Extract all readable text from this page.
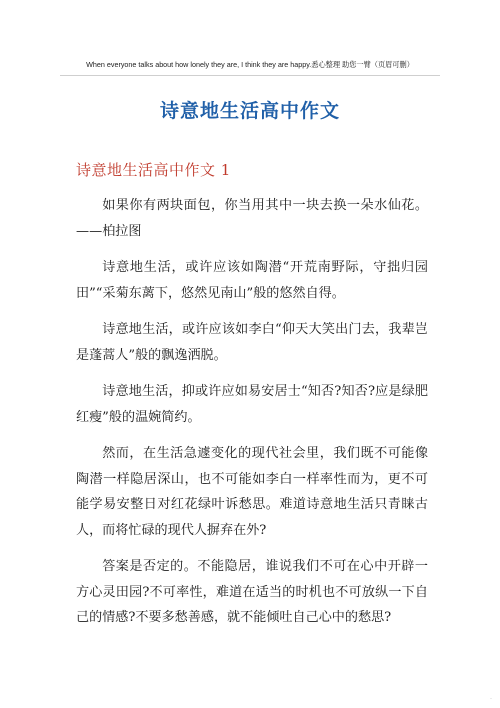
When everyone talks about how lonely they are, I think they are happy.悉心整理 助您一臂（页眉可删）
诗意地生活高中作文
诗意地生活高中作文 1

如果你有两块面包，你当用其中一块去换一朵水仙花。——柏拉图

诗意地生活，或许应该如陶潜“开荒南野际，守拙归园田”“采菊东蓠下，悠然见南山”般的悠然自得。

诗意地生活，或许应该如李白“仰天大笑出门去，我辈岂是蓬蒿人”般的飘逸洒脱。

诗意地生活，抑或许应如易安居士“知否?知否?应是绿肥红瘦”般的温婉简约。

然而，在生活急遽变化的现代社会里，我们既不可能像陶潜一样隐居深山，也不可能如李白一样率性而为，更不可能学易安整日对红花绿叶诉愁思。难道诗意地生活只青睐古人，而将忙碌的现代人摒弃在外?

答案是否定的。不能隐居，谁说我们不可在心中开辟一方心灵田园?不可率性，难道在适当的时机也不可放纵一下自己的情感?不要多愁善感，就不能倾吐自己心中的愁思?

·
